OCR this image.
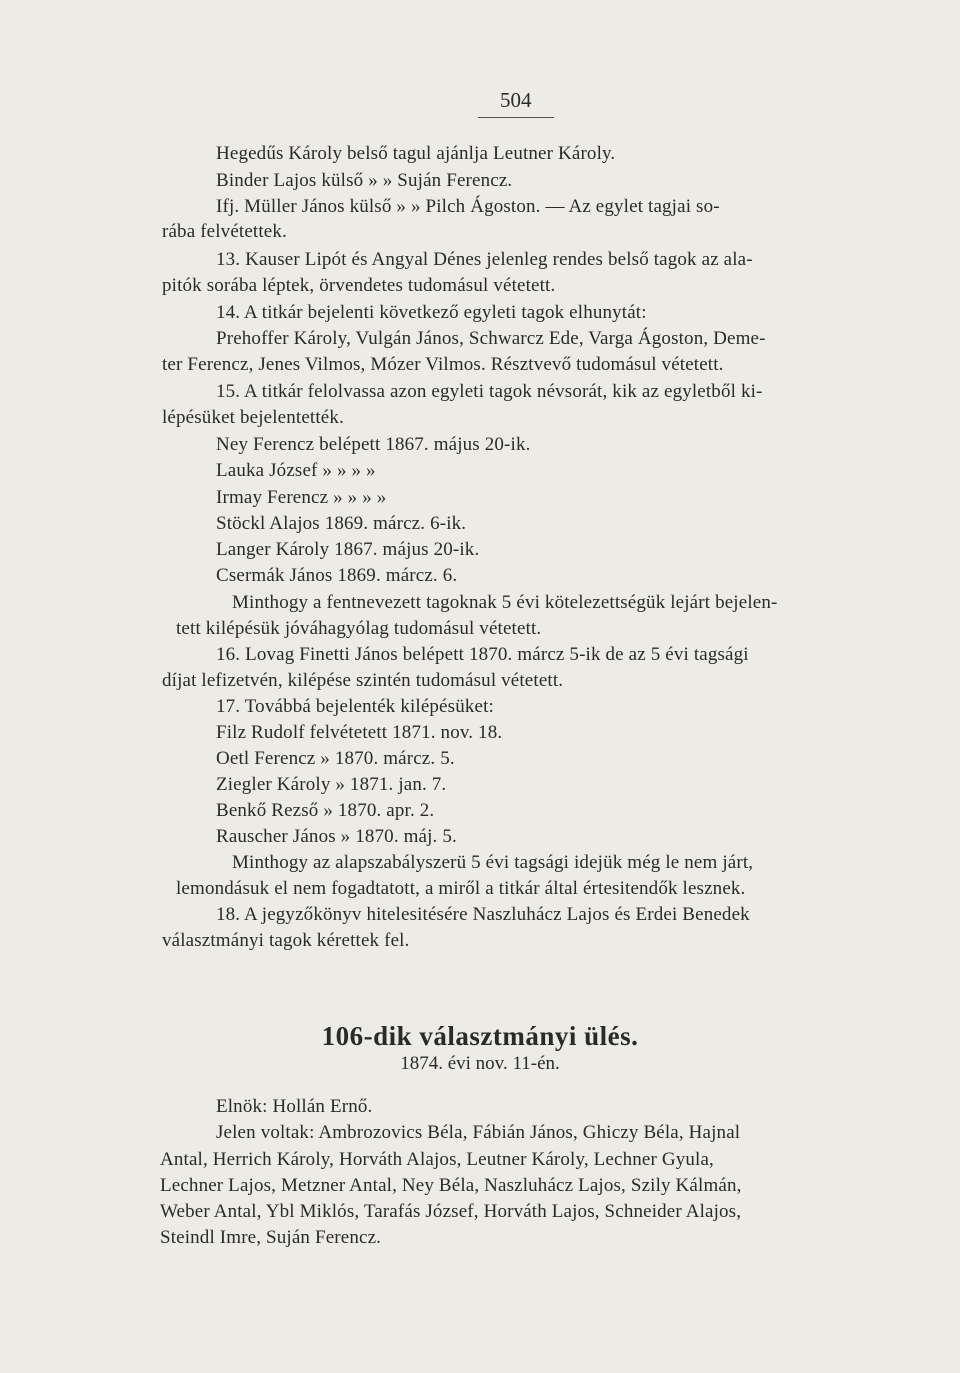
504
Hegedűs Károly belső tagul ajánlja Leutner Károly.
Binder Lajos külső » » Suján Ferencz.
Ifj. Müller János külső » » Pilch Ágoston. — Az egylet tagjai so-
rába felvétettek.
13. Kauser Lipót és Angyal Dénes jelenleg rendes belső tagok az ala-
pitók sorába léptek, örvendetes tudomásul vétetett.
14. A titkár bejelenti következő egyleti tagok elhunytát:
Prehoffer Károly, Vulgán János, Schwarcz Ede, Varga Ágoston, Deme-
ter Ferencz, Jenes Vilmos, Mózer Vilmos. Résztvevő tudomásul vétetett.
15. A titkár felolvassa azon egyleti tagok névsorát, kik az egyletből ki-
lépésüket bejelentették.
Ney Ferencz belépett 1867. május 20-ik.
Lauka József » » » »
Irmay Ferencz » » » »
Stöckl Alajos 1869. márcz. 6-ik.
Langer Károly 1867. május 20-ik.
Csermák János 1869. márcz. 6.
Minthogy a fentnevezett tagoknak 5 évi kötelezettségük lejárt bejelen-
tett kilépésük jóváhagyólag tudomásul vétetett.
16. Lovag Finetti János belépett 1870. márcz 5-ik de az 5 évi tagsági
díjat lefizetvén, kilépése szintén tudomásul vétetett.
17. Továbbá bejelenték kilépésüket:
Filz Rudolf felvétetett 1871. nov. 18.
Oetl Ferencz » 1870. márcz. 5.
Ziegler Károly » 1871. jan. 7.
Benkő Rezső » 1870. apr. 2.
Rauscher János » 1870. máj. 5.
Minthogy az alapszabályszerü 5 évi tagsági idejük még le nem járt,
lemondásuk el nem fogadtatott, a miről a titkár által értesitendők lesznek.
18. A jegyzőkönyv hitelesitésére Naszluhácz Lajos és Erdei Benedek
választmányi tagok kérettek fel.
106-dik választmányi ülés.
1874. évi nov. 11-én.
Elnök: Hollán Ernő.
Jelen voltak: Ambrozovics Béla, Fábián János, Ghiczy Béla, Hajnal
Antal, Herrich Károly, Horváth Alajos, Leutner Károly, Lechner Gyula,
Lechner Lajos, Metzner Antal, Ney Béla, Naszluhácz Lajos, Szily Kálmán,
Weber Antal, Ybl Miklós, Tarafás József, Horváth Lajos, Schneider Alajos,
Steindl Imre, Suján Ferencz.
